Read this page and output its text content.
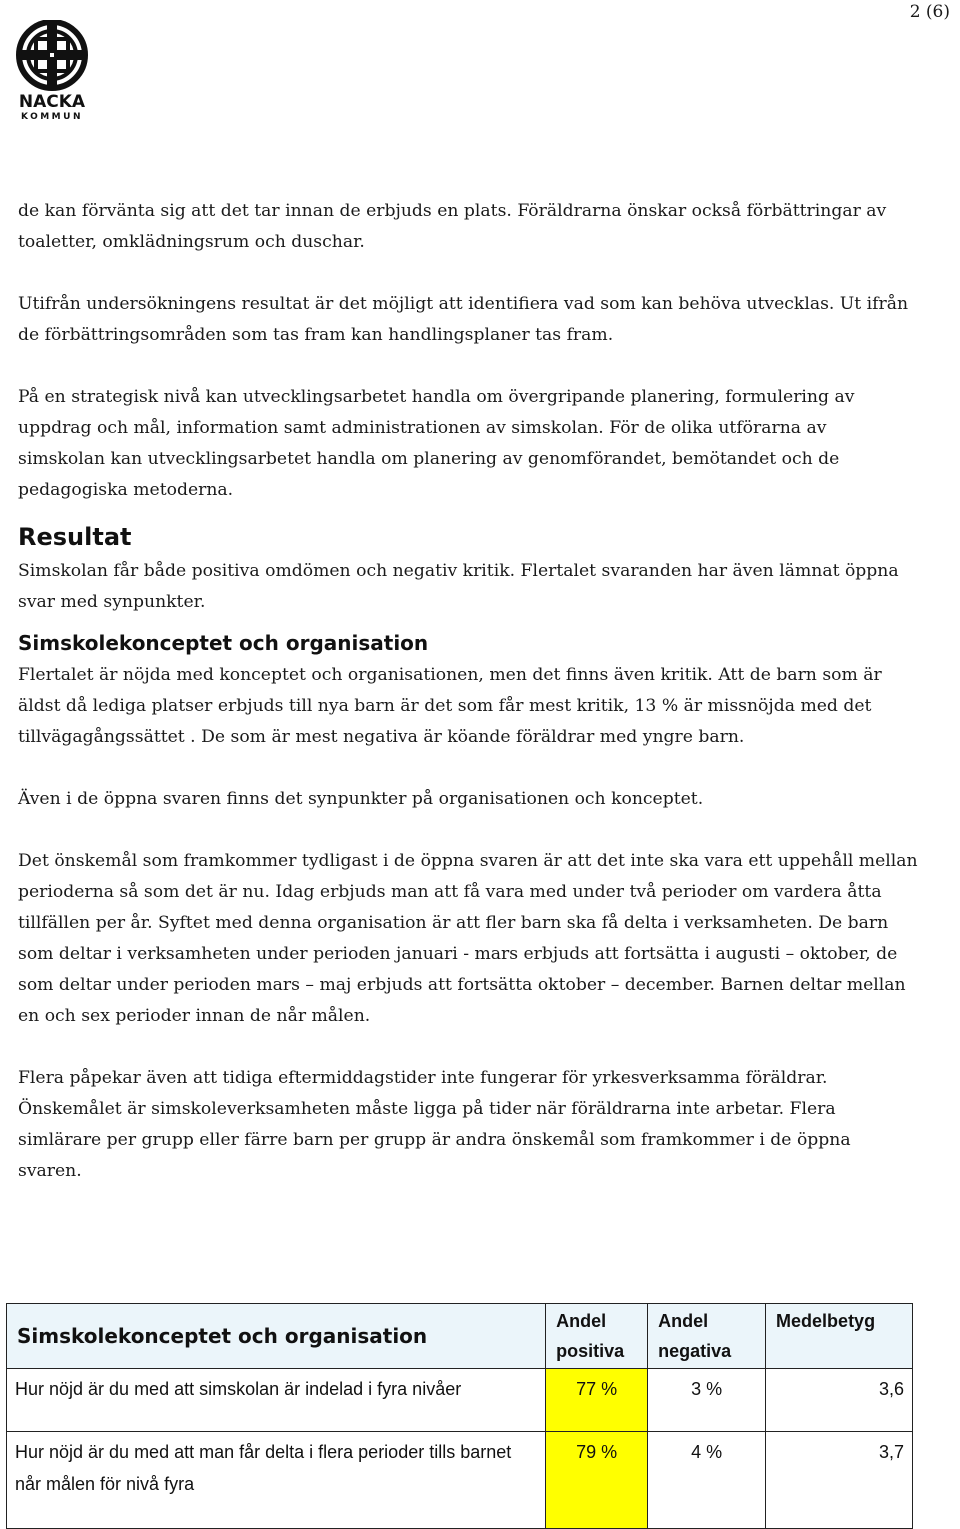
2 (6)
NACKA
KOMMUN

de kan förvänta sig att det tar innan de erbjuds en plats. Föräldrarna önskar också förbättringar av toaletter, omklädningsrum och duschar.

Utifrån undersökningens resultat är det möjligt att identifiera vad som kan behöva utvecklas. Ut ifrån de förbättringsområden som tas fram kan handlingsplaner tas fram.

På en strategisk nivå kan utvecklingsarbetet handla om övergripande planering, formulering av uppdrag och mål, information samt administrationen av simskolan. För de olika utförarna av simskolan kan utvecklingsarbetet handla om planering av genomförandet, bemötandet och de pedagogiska metoderna.

Resultat

Simskolan får både positiva omdömen och negativ kritik. Flertalet svaranden har även lämnat öppna svar med synpunkter.

Simskolekonceptet och organisation

Flertalet är nöjda med konceptet och organisationen, men det finns även kritik. Att de barn som är äldst då lediga platser erbjuds till nya barn är det som får mest kritik, 13 % är missnöjda med det tillvägagångssättet . De som är mest negativa är köande föräldrar med yngre barn.

Även i de öppna svaren finns det synpunkter på organisationen och konceptet.

Det önskemål som framkommer tydligast i de öppna svaren är att det inte ska vara ett uppehåll mellan perioderna så som det är nu. Idag erbjuds man att få vara med under två perioder om vardera åtta tillfällen per år. Syftet med denna organisation är att fler barn ska få delta i verksamheten. De barn som deltar i verksamheten under perioden januari - mars erbjuds att fortsätta i augusti – oktober, de som deltar under perioden mars – maj erbjuds att fortsätta oktober – december. Barnen deltar mellan en och sex perioder innan de når målen.

Flera påpekar även att tidiga eftermiddagstider inte fungerar för yrkesverksamma föräldrar. Önskemålet är simskoleverksamheten måste ligga på tider när föräldrarna inte arbetar. Flera simlärare per grupp eller färre barn per grupp är andra önskemål som framkommer i de öppna svaren.

Simskolekonceptet och organisation	Andel positiva	Andel negativa	Medelbetyg
Hur nöjd är du med att simskolan är indelad i fyra nivåer	77 %	3 %	3,6
Hur nöjd är du med att man får delta i flera perioder tills barnet når målen för nivå fyra	79 %	4 %	3,7
